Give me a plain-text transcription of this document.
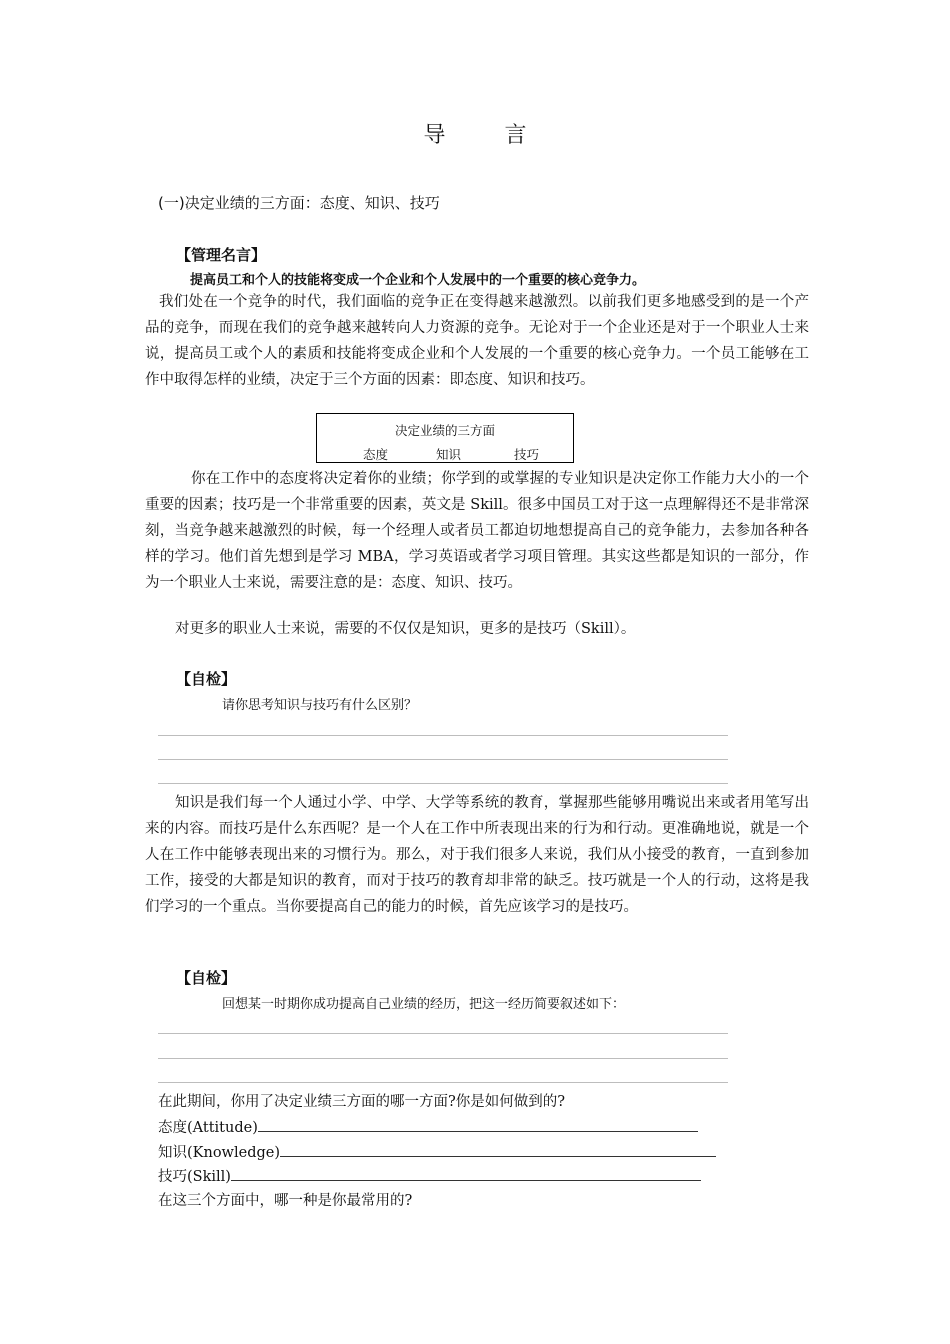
导 言
(一)决定业绩的三方面：态度、知识、技巧
【管理名言】
提高员工和个人的技能将变成一个企业和个人发展中的一个重要的核心竞争力。

我们处在一个竞争的时代，我们面临的竞争正在变得越来越激烈。以前我们更多地感受到的是一个产品的竞争，而现在我们的竞争越来越转向人力资源的竞争。无论对于一个企业还是对于一个职业人士来说，提高员工或个人的素质和技能将变成企业和个人发展的一个重要的核心竞争力。一个员工能够在工作中取得怎样的业绩，决定于三个方面的因素：即态度、知识和技巧。

决定业绩的三方面
态度	知识	技巧

你在工作中的态度将决定着你的业绩；你学到的或掌握的专业知识是决定你工作能力大小的一个重要的因素；技巧是一个非常重要的因素，英文是 Skill。很多中国员工对于这一点理解得还不是非常深刻，当竞争越来越激烈的时候，每一个经理人或者员工都迫切地想提高自己的竞争能力，去参加各种各样的学习。他们首先想到是学习 MBA，学习英语或者学习项目管理。其实这些都是知识的一部分，作为一个职业人士来说，需要注意的是：态度、知识、技巧。

对更多的职业人士来说，需要的不仅仅是知识，更多的是技巧（Skill）。

【自检】
请你思考知识与技巧有什么区别？

知识是我们每一个人通过小学、中学、大学等系统的教育，掌握那些能够用嘴说出来或者用笔写出来的内容。而技巧是什么东西呢？是一个人在工作中所表现出来的行为和行动。更准确地说，就是一个人在工作中能够表现出来的习惯行为。那么，对于我们很多人来说，我们从小接受的教育，一直到参加工作，接受的大都是知识的教育，而对于技巧的教育却非常的缺乏。技巧就是一个人的行动，这将是我们学习的一个重点。当你要提高自己的能力的时候，首先应该学习的是技巧。

【自检】
回想某一时期你成功提高自己业绩的经历，把这一经历简要叙述如下：
在此期间，你用了决定业绩三方面的哪一方面?你是如何做到的?
态度(Attitude)
知识(Knowledge)
技巧(Skill)
在这三个方面中，哪一种是你最常用的?
